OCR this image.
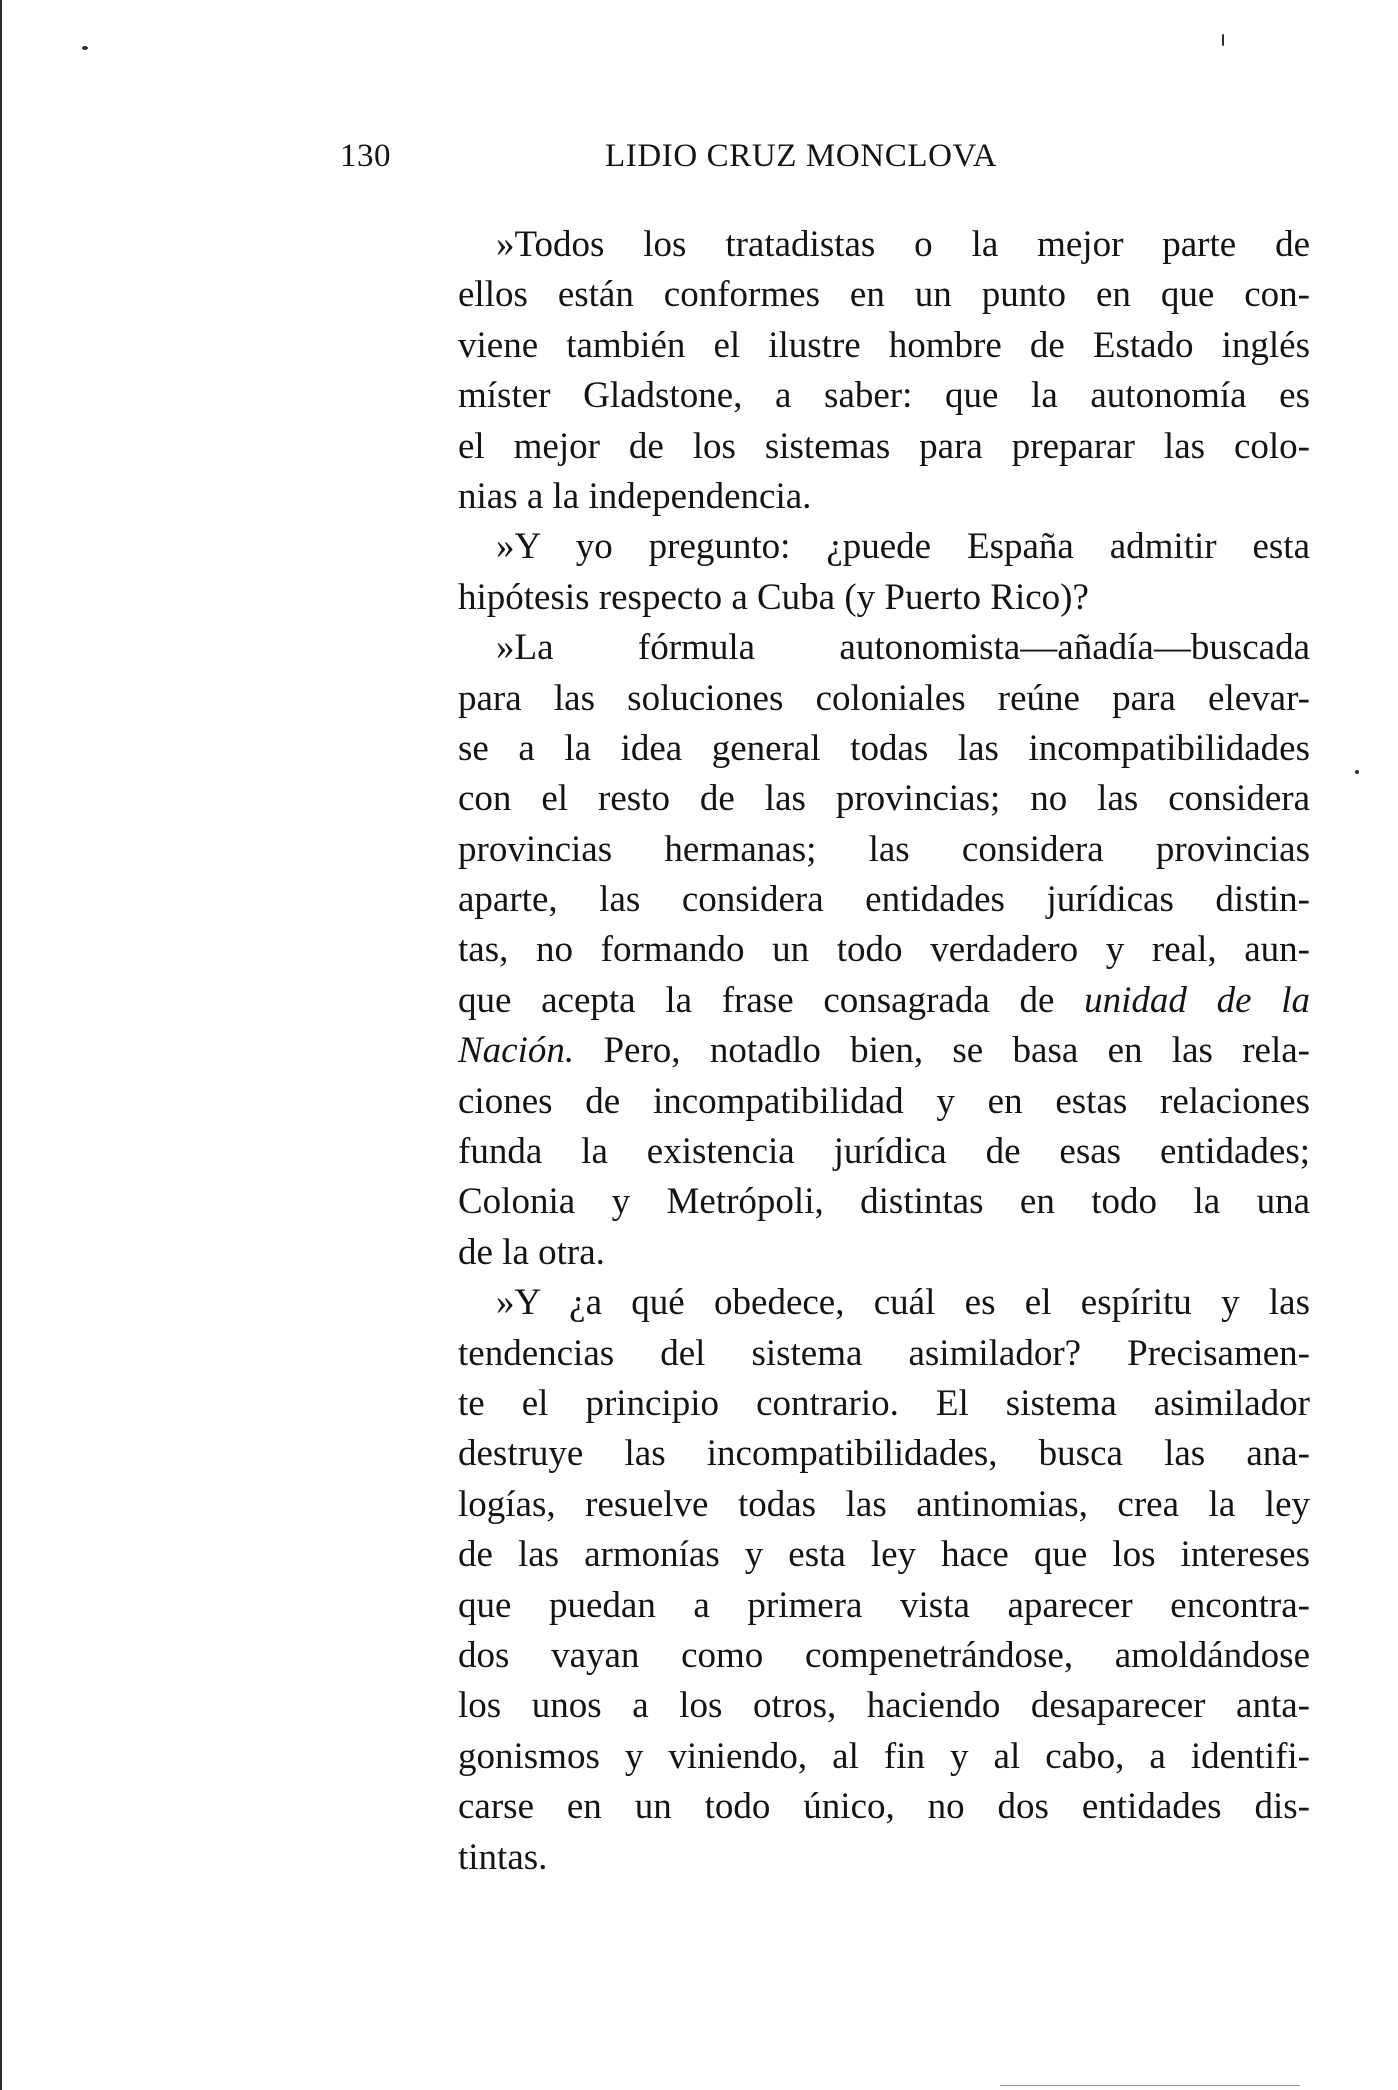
130	LIDIO CRUZ MONCLOVA
»Todos los tratadistas o la mejor parte de
ellos están conformes en un punto en que con-
viene también el ilustre hombre de Estado inglés
míster Gladstone, a saber: que la autonomía es
el mejor de los sistemas para preparar las colo-
nias a la independencia.
»Y yo pregunto: ¿puede España admitir esta
hipótesis respecto a Cuba (y Puerto Rico)?
»La fórmula autonomista—añadía—buscada
para las soluciones coloniales reúne para elevar-
se a la idea general todas las incompatibilidades
con el resto de las provincias; no las considera
provincias hermanas; las considera provincias
aparte, las considera entidades jurídicas distin-
tas, no formando un todo verdadero y real, aun-
que acepta la frase consagrada de unidad de la
Nación. Pero, notadlo bien, se basa en las rela-
ciones de incompatibilidad y en estas relaciones
funda la existencia jurídica de esas entidades;
Colonia y Metrópoli, distintas en todo la una
de la otra.
»Y ¿a qué obedece, cuál es el espíritu y las
tendencias del sistema asimilador? Precisamen-
te el principio contrario. El sistema asimilador
destruye las incompatibilidades, busca las ana-
logías, resuelve todas las antinomias, crea la ley
de las armonías y esta ley hace que los intereses
que puedan a primera vista aparecer encontra-
dos vayan como compenetrándose, amoldándose
los unos a los otros, haciendo desaparecer anta-
gonismos y viniendo, al fin y al cabo, a identifi-
carse en un todo único, no dos entidades dis-
tintas.
